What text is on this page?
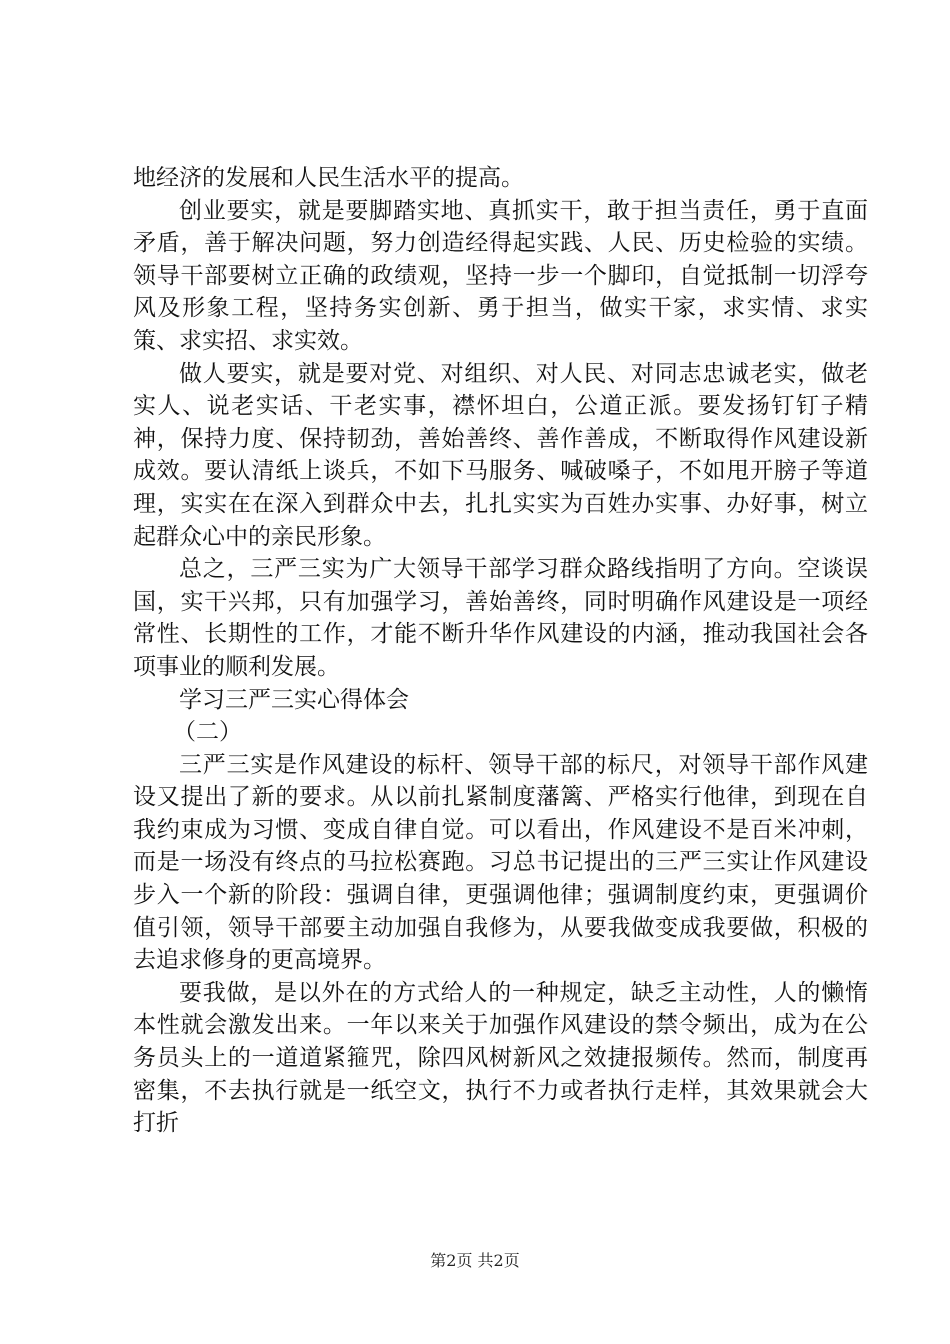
地经济的发展和人民生活水平的提高。

创业要实，就是要脚踏实地、真抓实干，敢于担当责任，勇于直面矛盾，善于解决问题，努力创造经得起实践、人民、历史检验的实绩。领导干部要树立正确的政绩观，坚持一步一个脚印，自觉抵制一切浮夸风及形象工程，坚持务实创新、勇于担当，做实干家，求实情、求实策、求实招、求实效。

做人要实，就是要对党、对组织、对人民、对同志忠诚老实，做老实人、说老实话、干老实事，襟怀坦白，公道正派。要发扬钉钉子精神，保持力度、保持韧劲，善始善终、善作善成，不断取得作风建设新成效。要认清纸上谈兵，不如下马服务、喊破嗓子，不如甩开膀子等道理，实实在在深入到群众中去，扎扎实实为百姓办实事、办好事，树立起群众心中的亲民形象。

总之，三严三实为广大领导干部学习群众路线指明了方向。空谈误国，实干兴邦，只有加强学习，善始善终，同时明确作风建设是一项经常性、长期性的工作，才能不断升华作风建设的内涵，推动我国社会各项事业的顺利发展。

学习三严三实心得体会

（二）

三严三实是作风建设的标杆、领导干部的标尺，对领导干部作风建设又提出了新的要求。从以前扎紧制度藩篱、严格实行他律，到现在自我约束成为习惯、变成自律自觉。可以看出，作风建设不是百米冲刺，而是一场没有终点的马拉松赛跑。习总书记提出的三严三实让作风建设步入一个新的阶段：强调自律，更强调他律；强调制度约束，更强调价值引领，领导干部要主动加强自我修为，从要我做变成我要做，积极的去追求修身的更高境界。

要我做，是以外在的方式给人的一种规定，缺乏主动性，人的懒惰本性就会激发出来。一年以来关于加强作风建设的禁令频出，成为在公务员头上的一道道紧箍咒，除四风树新风之效捷报频传。然而，制度再密集，不去执行就是一纸空文，执行不力或者执行走样，其效果就会大打折

第2页 共2页
